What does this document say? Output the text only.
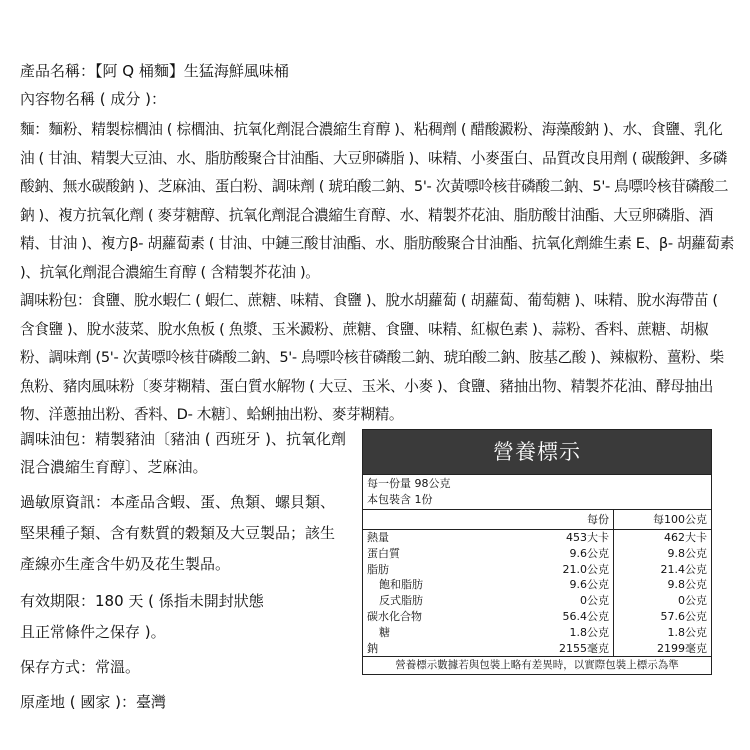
產品名稱：【阿 Q 桶麵】生猛海鮮風味桶
內容物名稱 ( 成分 )：

麵：麵粉、精製棕櫚油 ( 棕櫚油、抗氧化劑混合濃縮生育醇 )、粘稠劑 ( 醋酸澱粉、海藻酸鈉 )、水、食鹽、乳化油 ( 甘油、精製大豆油、水、脂肪酸聚合甘油酯、大豆卵磷脂 )、味精、小麥蛋白、品質改良用劑 ( 碳酸鉀、多磷酸鈉、無水碳酸鈉 )、芝麻油、蛋白粉、調味劑 ( 琥珀酸二鈉、5'- 次黃嘌呤核苷磷酸二鈉、5'- 鳥嘌呤核苷磷酸二鈉 )、複方抗氧化劑 ( 麥芽糖醇、抗氧化劑混合濃縮生育醇、水、精製芥花油、脂肪酸甘油酯、大豆卵磷脂、酒精、甘油 )、複方β- 胡蘿蔔素 ( 甘油、中鏈三酸甘油酯、水、脂肪酸聚合甘油酯、抗氧化劑維生素 E、β- 胡蘿蔔素 )、抗氧化劑混合濃縮生育醇 ( 含精製芥花油 )。

調味粉包：食鹽、脫水蝦仁 ( 蝦仁、蔗糖、味精、食鹽 )、脫水胡蘿蔔 ( 胡蘿蔔、葡萄糖 )、味精、脫水海帶苗 ( 含食鹽 )、脫水菠菜、脫水魚板 ( 魚漿、玉米澱粉、蔗糖、食鹽、味精、紅椒色素 )、蒜粉、香料、蔗糖、胡椒粉、調味劑 (5'- 次黃嘌呤核苷磷酸二鈉、5'- 鳥嘌呤核苷磷酸二鈉、琥珀酸二鈉、胺基乙酸 )、辣椒粉、薑粉、柴魚粉、豬肉風味粉〔麥芽糊精、蛋白質水解物 ( 大豆、玉米、小麥 )、食鹽、豬抽出物、精製芥花油、酵母抽出物、洋蔥抽出粉、香料、D- 木糖〕、蛤蜊抽出粉、麥芽糊精。

調味油包：精製豬油〔豬油 ( 西班牙 )、抗氧化劑
混合濃縮生育醇〕、芝麻油。

過敏原資訊：本產品含蝦、蛋、魚類、螺貝類、
堅果種子類、含有麩質的穀類及大豆製品；該生
產線亦生產含牛奶及花生製品。

有效期限：180 天 ( 係指未開封狀態
且正常條件之保存 )。

保存方式：常溫。

原產地 ( 國家 )：臺灣

營養標示
每一份量 98公克
本包裝含 1份
每份	每100公克
熱量	453大卡	462大卡
蛋白質	9.6公克	9.8公克
脂肪	21.0公克	21.4公克
飽和脂肪	9.6公克	9.8公克
反式脂肪	0公克	0公克
碳水化合物	56.4公克	57.6公克
糖	1.8公克	1.8公克
鈉	2155毫克	2199毫克
營養標示數據若與包裝上略有差異時，以實際包裝上標示為準
